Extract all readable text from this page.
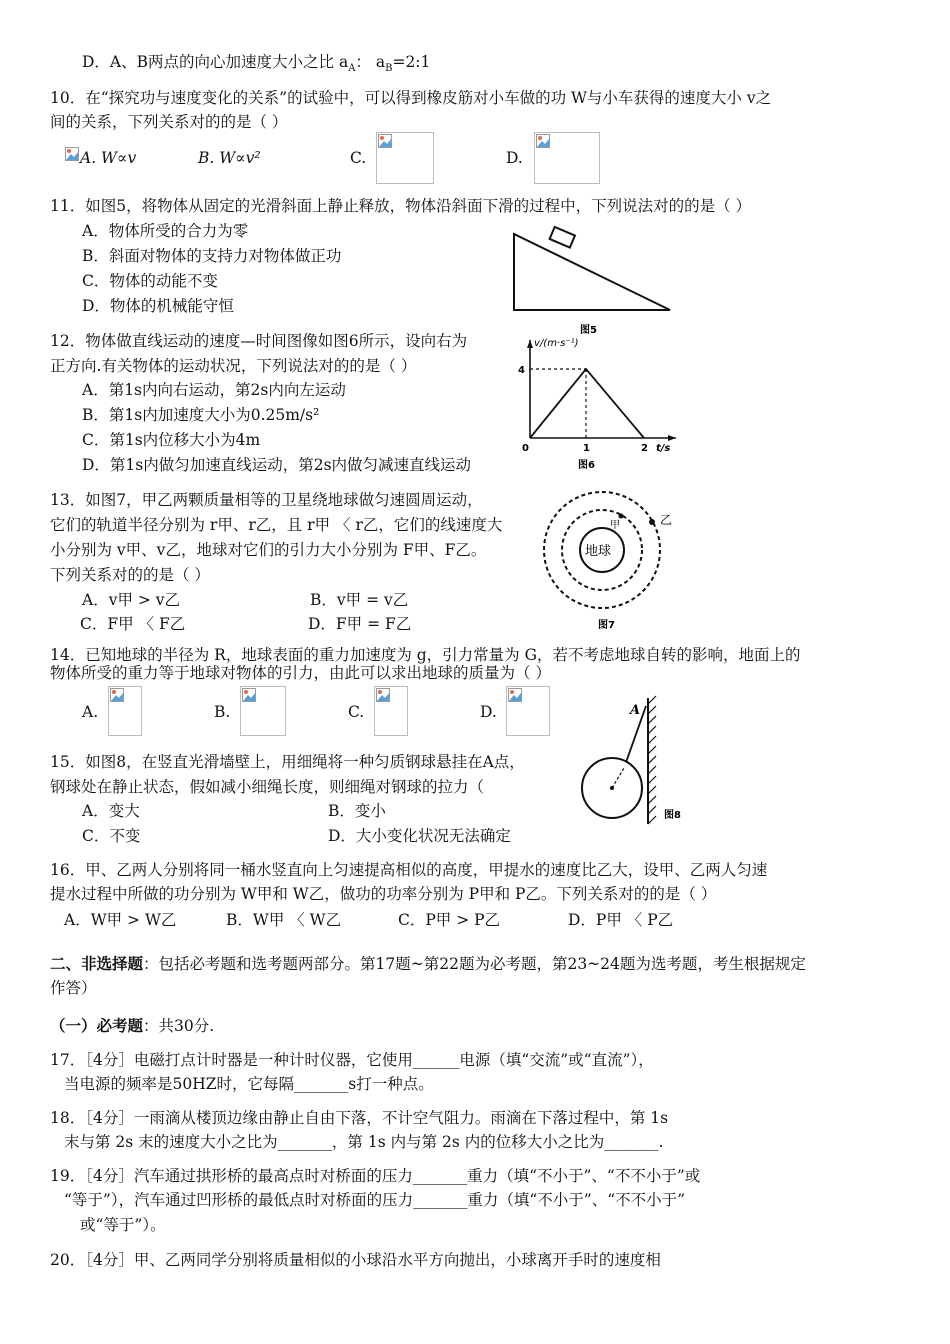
D．A、B两点的向心加速度大小之比 $a_A$： $a_B=2:1$
10．在“探究功与速度变化的关系”的试验中，可以得到橡皮筋对小车做的功 W与小车获得的速度大小 v之
间的关系，下列关系对的的是（ ）
A. W∝v	B. W∝v²	C.	D.
11．如图5，将物体从固定的光滑斜面上静止释放，物体沿斜面下滑的过程中，下列说法对的的是（ ）
A．物体所受的合力为零
B．斜面对物体的支持力对物体做正功
C．物体的动能不变
D．物体的机械能守恒
图5
12．物体做直线运动的速度—时间图像如图6所示，设向右为
正方向.有关物体的运动状况，下列说法对的的是（ ）
A．第1s内向右运动，第2s内向左运动
B．第1s内加速度大小为0.25m/s²
C．第1s内位移大小为4m
D．第1s内做匀加速直线运动，第2s内做匀减速直线运动
v/(m·s⁻¹)
4
0	1	2 t/s
图6
13．如图7，甲乙两颗质量相等的卫星绕地球做匀速圆周运动，
它们的轨道半径分别为 r甲、r乙，且 r甲 〈 r乙，它们的线速度大
小分别为 v甲、v乙，地球对它们的引力大小分别为 F甲、F乙。
下列关系对的的是（ ）
A．v甲 > v乙	B．v甲 = v乙
C．F甲 〈 F乙	D．F甲 = F乙
地球
甲	乙
图7
14．已知地球的半径为 R，地球表面的重力加速度为 g，引力常量为 G，若不考虑地球自转的影响，地面上的
物体所受的重力等于地球对物体的引力，由此可以求出地球的质量为（ ）
A.	B.	C.	D.
15．如图8，在竖直光滑墙壁上，用细绳将一种匀质钢球悬挂在A点，
钢球处在静止状态，假如减小细绳长度，则细绳对钢球的拉力（
A．变大	B．变小
C．不变	D．大小变化状况无法确定
A
图8
16．甲、乙两人分别将同一桶水竖直向上匀速提高相似的高度，甲提水的速度比乙大，设甲、乙两人匀速
提水过程中所做的功分别为 W甲和 W乙，做功的功率分别为 P甲和 P乙。下列关系对的的是（ ）
A．W甲 > W乙	B．W甲 〈 W乙	C．P甲 > P乙	D．P甲 〈 P乙
二、非选择题：包括必考题和选考题两部分。第17题~第22题为必考题，第23~24题为选考题，考生根据规定
作答）
（一）必考题：共30分.
17．［4分］电磁打点计时器是一种计时仪器，它使用______电源（填“交流”或“直流”），
当电源的频率是50HZ时，它每隔_______s打一种点。
18．［4分］一雨滴从楼顶边缘由静止自由下落，不计空气阻力。雨滴在下落过程中，第 1s
末与第 2s 末的速度大小之比为_______，第 1s 内与第 2s 内的位移大小之比为_______.
19．［4分］汽车通过拱形桥的最高点时对桥面的压力_______重力（填“不小于”、“不不小于”或
“等于”），汽车通过凹形桥的最低点时对桥面的压力_______重力（填“不小于”、“不不小于”
或“等于”）。
20．［4分］甲、乙两同学分别将质量相似的小球沿水平方向抛出，小球离开手时的速度相
